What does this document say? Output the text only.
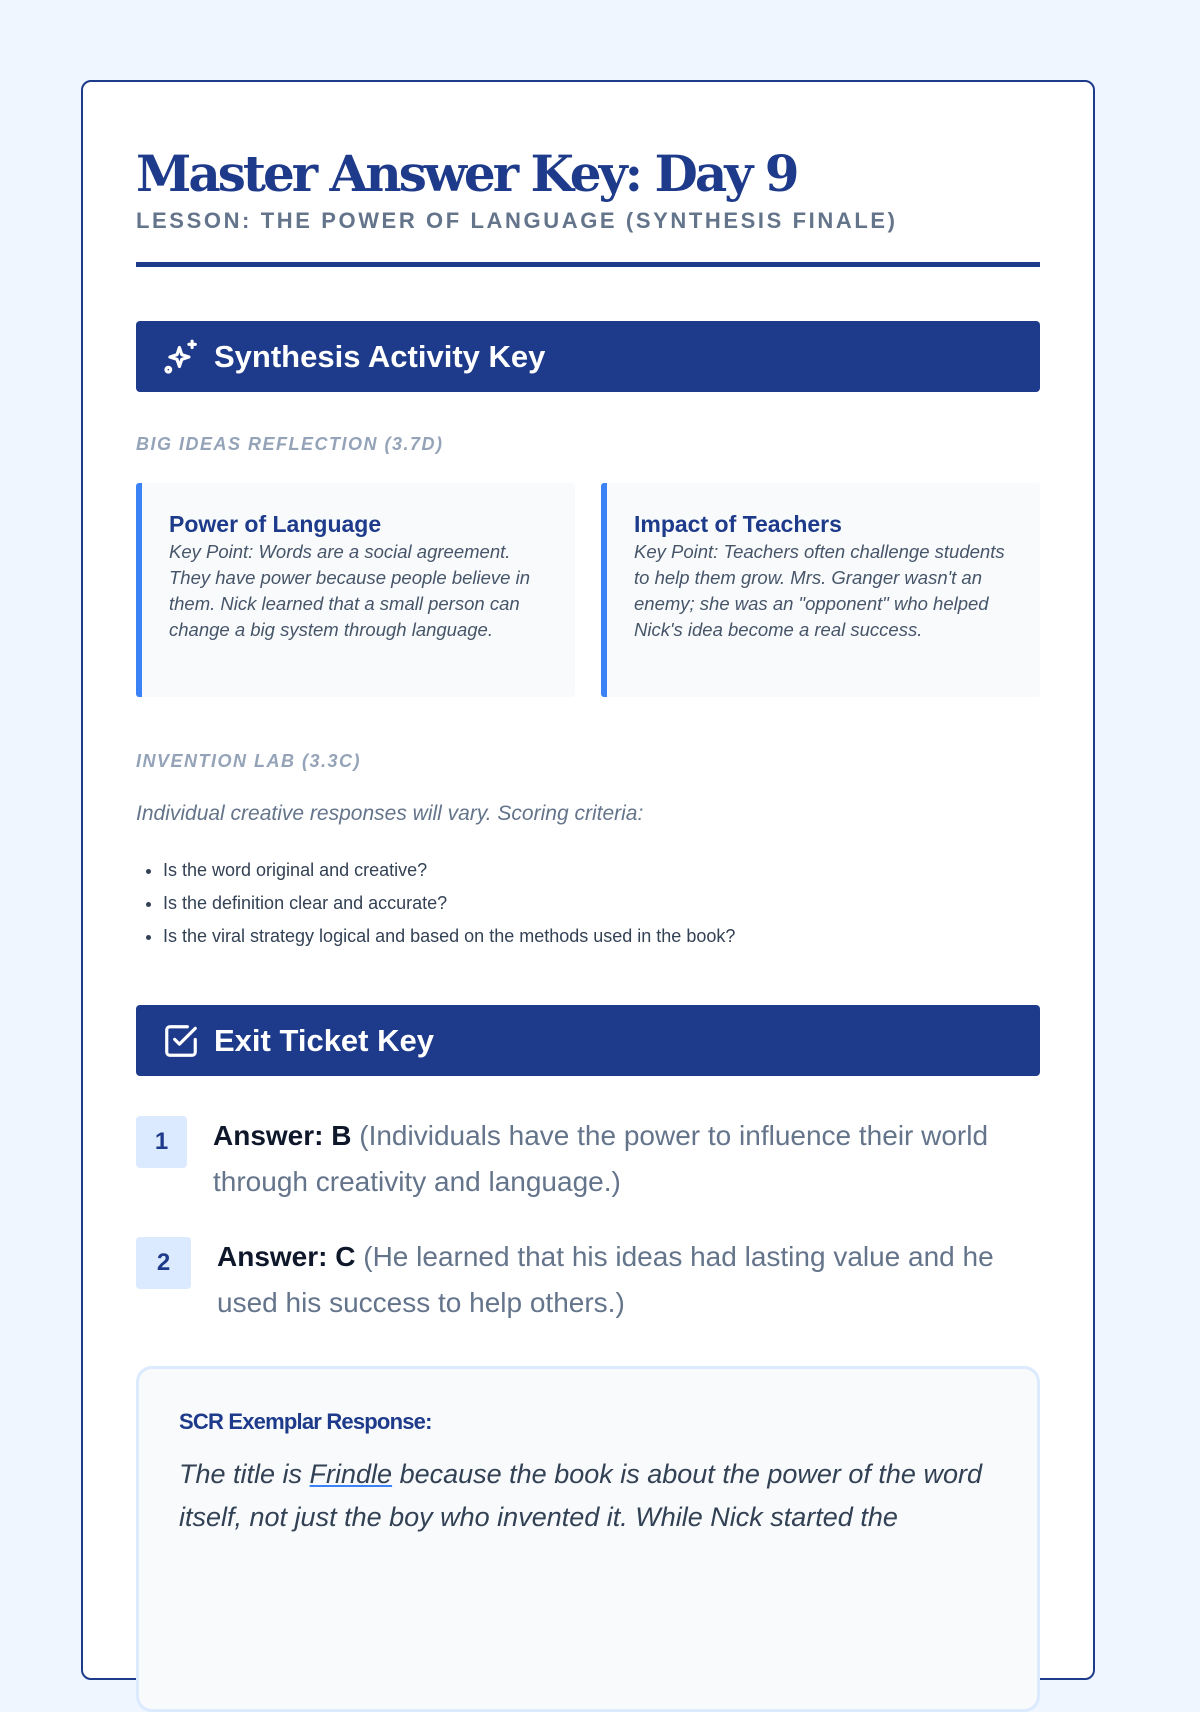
Master Answer Key: Day 9
LESSON: THE POWER OF LANGUAGE (SYNTHESIS FINALE)
Synthesis Activity Key
BIG IDEAS REFLECTION (3.7D)
Power of Language

Key Point: Words are a social agreement. They have power because people believe in them. Nick learned that a small person can change a big system through language.

Impact of Teachers

Key Point: Teachers often challenge students to help them grow. Mrs. Granger wasn't an enemy; she was an "opponent" who helped Nick's idea become a real success.

INVENTION LAB (3.3C)
Individual creative responses will vary. Scoring criteria:
• Is the word original and creative?
• Is the definition clear and accurate?
• Is the viral strategy logical and based on the methods used in the book?
Exit Ticket Key
1	Answer: B (Individuals have the power to influence their world through creativity and language.)
2	Answer: C (He learned that his ideas had lasting value and he used his success to help others.)
SCR Exemplar Response:

The title is Frindle because the book is about the power of the word itself, not just the boy who invented it. While Nick started the
